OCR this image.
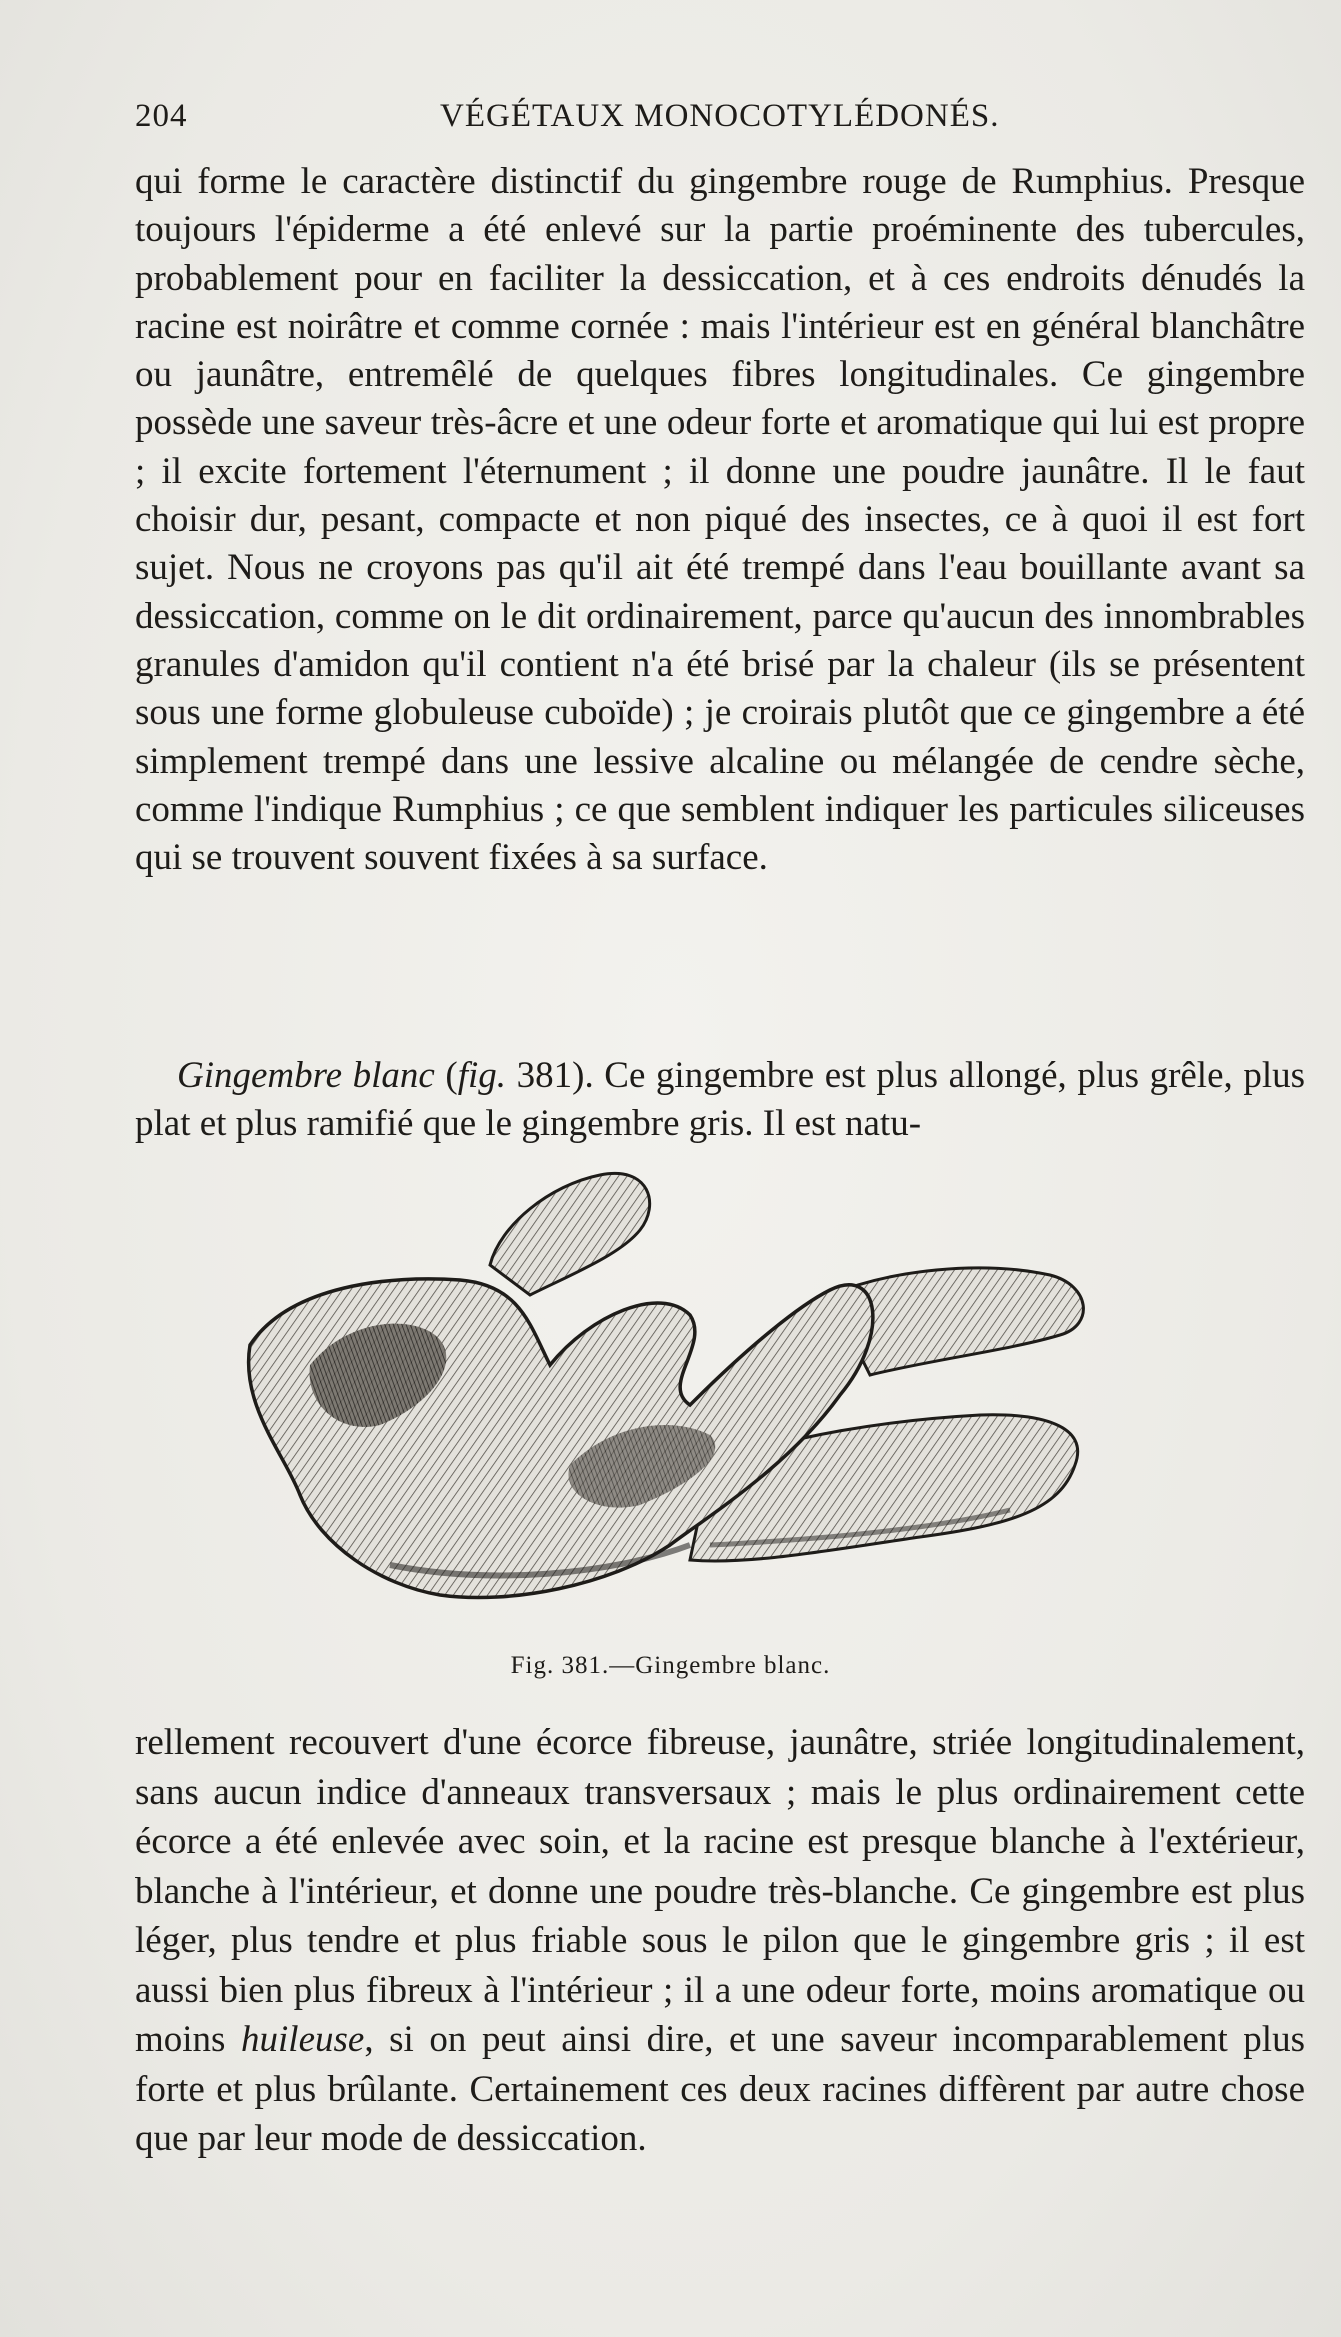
204	VÉGÉTAUX MONOCOTYLÉDONÉS.

qui forme le caractère distinctif du gingembre rouge de Rumphius. Presque toujours l'épiderme a été enlevé sur la partie proéminente des tubercules, probablement pour en faciliter la dessiccation, et à ces endroits dénudés la racine est noirâtre et comme cornée : mais l'intérieur est en général blanchâtre ou jaunâtre, entremêlé de quelques fibres longitudinales. Ce gingembre possède une saveur très-âcre et une odeur forte et aromatique qui lui est propre ; il excite fortement l'éternument ; il donne une poudre jaunâtre. Il le faut choisir dur, pesant, compacte et non piqué des insectes, ce à quoi il est fort sujet. Nous ne croyons pas qu'il ait été trempé dans l'eau bouillante avant sa dessiccation, comme on le dit ordinairement, parce qu'aucun des innombrables granules d'amidon qu'il contient n'a été brisé par la chaleur (ils se présentent sous une forme globuleuse cuboïde) ; je croirais plutôt que ce gingembre a été simplement trempé dans une lessive alcaline ou mélangée de cendre sèche, comme l'indique Rumphius ; ce que semblent indiquer les particules siliceuses qui se trouvent souvent fixées à sa surface.

Gingembre blanc (fig. 381). Ce gingembre est plus allongé, plus grêle, plus plat et plus ramifié que le gingembre gris. Il est natu-

Fig. 381.—Gingembre blanc.

rellement recouvert d'une écorce fibreuse, jaunâtre, striée longitudinalement, sans aucun indice d'anneaux transversaux ; mais le plus ordinairement cette écorce a été enlevée avec soin, et la racine est presque blanche à l'extérieur, blanche à l'intérieur, et donne une poudre très-blanche. Ce gingembre est plus léger, plus tendre et plus friable sous le pilon que le gingembre gris ; il est aussi bien plus fibreux à l'intérieur ; il a une odeur forte, moins aromatique ou moins huileuse, si on peut ainsi dire, et une saveur incomparablement plus forte et plus brûlante. Certainement ces deux racines diffèrent par autre chose que par leur mode de dessiccation.
